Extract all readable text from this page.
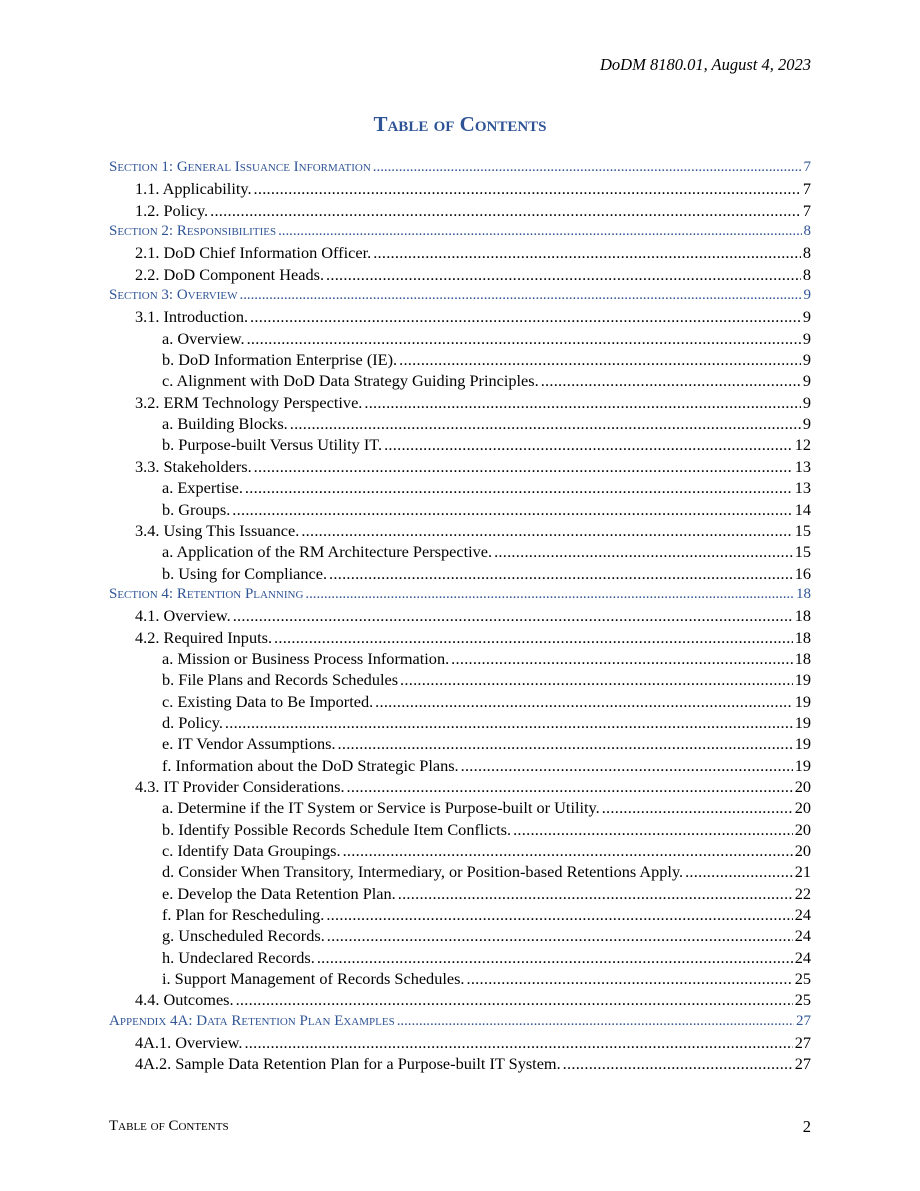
DoDM 8180.01, August 4, 2023
Table of Contents
Section 1: General Issuance Information . . .	7
1.1. Applicability. . . .	7
1.2. Policy. . . .	7
Section 2: Responsibilities . . .	8
2.1. DoD Chief Information Officer. . . .	8
2.2. DoD Component Heads. . . .	8
Section 3: Overview . . .	9
3.1. Introduction. . . .	9
a. Overview. . . .	9
b. DoD Information Enterprise (IE). . . .	9
c. Alignment with DoD Data Strategy Guiding Principles. . . .	9
3.2. ERM Technology Perspective. . . .	9
a. Building Blocks. . . .	9
b. Purpose-built Versus Utility IT. . . .	12
3.3. Stakeholders. . . .	13
a. Expertise. . . .	13
b. Groups. . . .	14
3.4. Using This Issuance. . . .	15
a. Application of the RM Architecture Perspective. . . .	15
b. Using for Compliance. . . .	16
Section 4: Retention Planning . . .	18
4.1. Overview. . . .	18
4.2. Required Inputs. . . .	18
a. Mission or Business Process Information. . . .	18
b. File Plans and Records Schedules . . .	19
c. Existing Data to Be Imported. . . .	19
d. Policy. . . .	19
e. IT Vendor Assumptions. . . .	19
f. Information about the DoD Strategic Plans. . . .	19
4.3. IT Provider Considerations. . . .	20
a. Determine if the IT System or Service is Purpose-built or Utility. . . .	20
b. Identify Possible Records Schedule Item Conflicts. . . .	20
c. Identify Data Groupings. . . .	20
d. Consider When Transitory, Intermediary, or Position-based Retentions Apply. . . .	21
e. Develop the Data Retention Plan. . . .	22
f. Plan for Rescheduling. . . .	24
g. Unscheduled Records. . . .	24
h. Undeclared Records. . . .	24
i. Support Management of Records Schedules. . . .	25
4.4. Outcomes. . . .	25
Appendix 4A: Data Retention Plan Examples . . .	27
4A.1. Overview. . . .	27
4A.2. Sample Data Retention Plan for a Purpose-built IT System. . . .	27
Table of Contents	2
